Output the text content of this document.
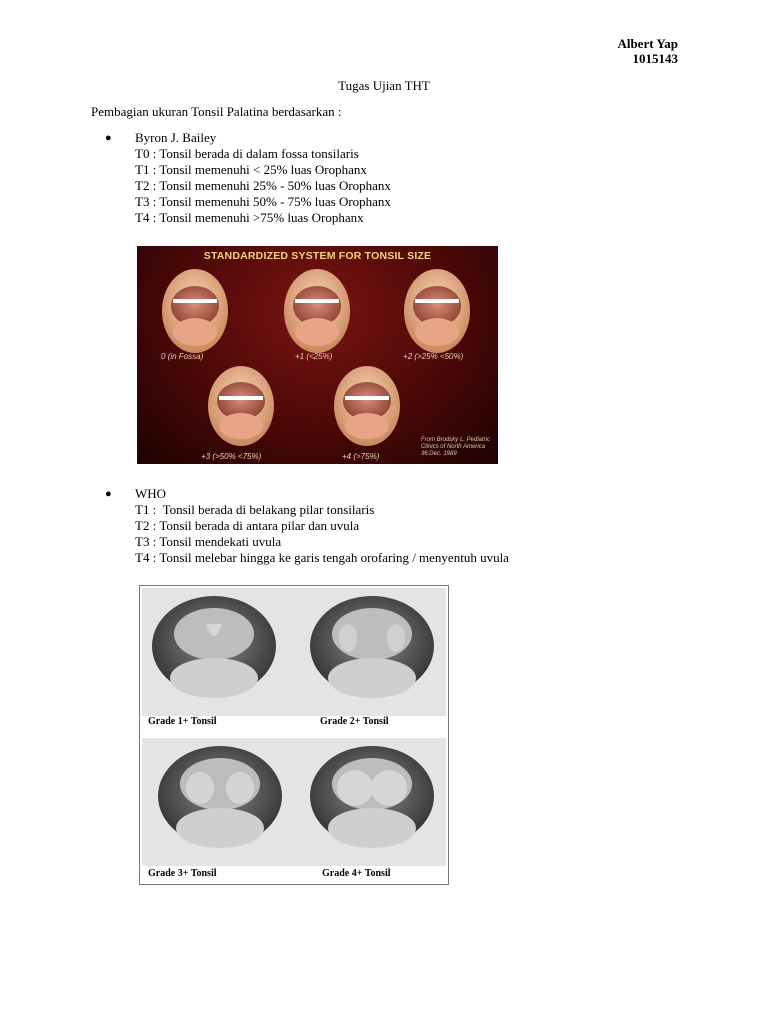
Albert Yap
1015143
Tugas Ujian THT
Pembagian ukuran Tonsil Palatina berdasarkan :
● Byron J. Bailey
T0 : Tonsil berada di dalam fossa tonsilaris
T1 : Tonsil memenuhi < 25% luas Orophanx
T2 : Tonsil memenuhi 25% - 50% luas Orophanx
T3 : Tonsil memenuhi 50% - 75% luas Orophanx
T4 : Tonsil memenuhi >75% luas Orophanx
STANDARDIZED SYSTEM FOR TONSIL SIZE
0 (in Fossa)	+1 (<25%)	+2 (>25% <50%)
+3 (>50% <75%)	+4 (>75%)
From Brodsky L. Pediatric
Clinics of North America
36:Dec. 1989
● WHO
T1 :  Tonsil berada di belakang pilar tonsilaris
T2 : Tonsil berada di antara pilar dan uvula
T3 : Tonsil mendekati uvula
T4 : Tonsil melebar hingga ke garis tengah orofaring / menyentuh uvula
Grade 1+ Tonsil	Grade 2+ Tonsil
Grade 3+ Tonsil	Grade 4+ Tonsil
